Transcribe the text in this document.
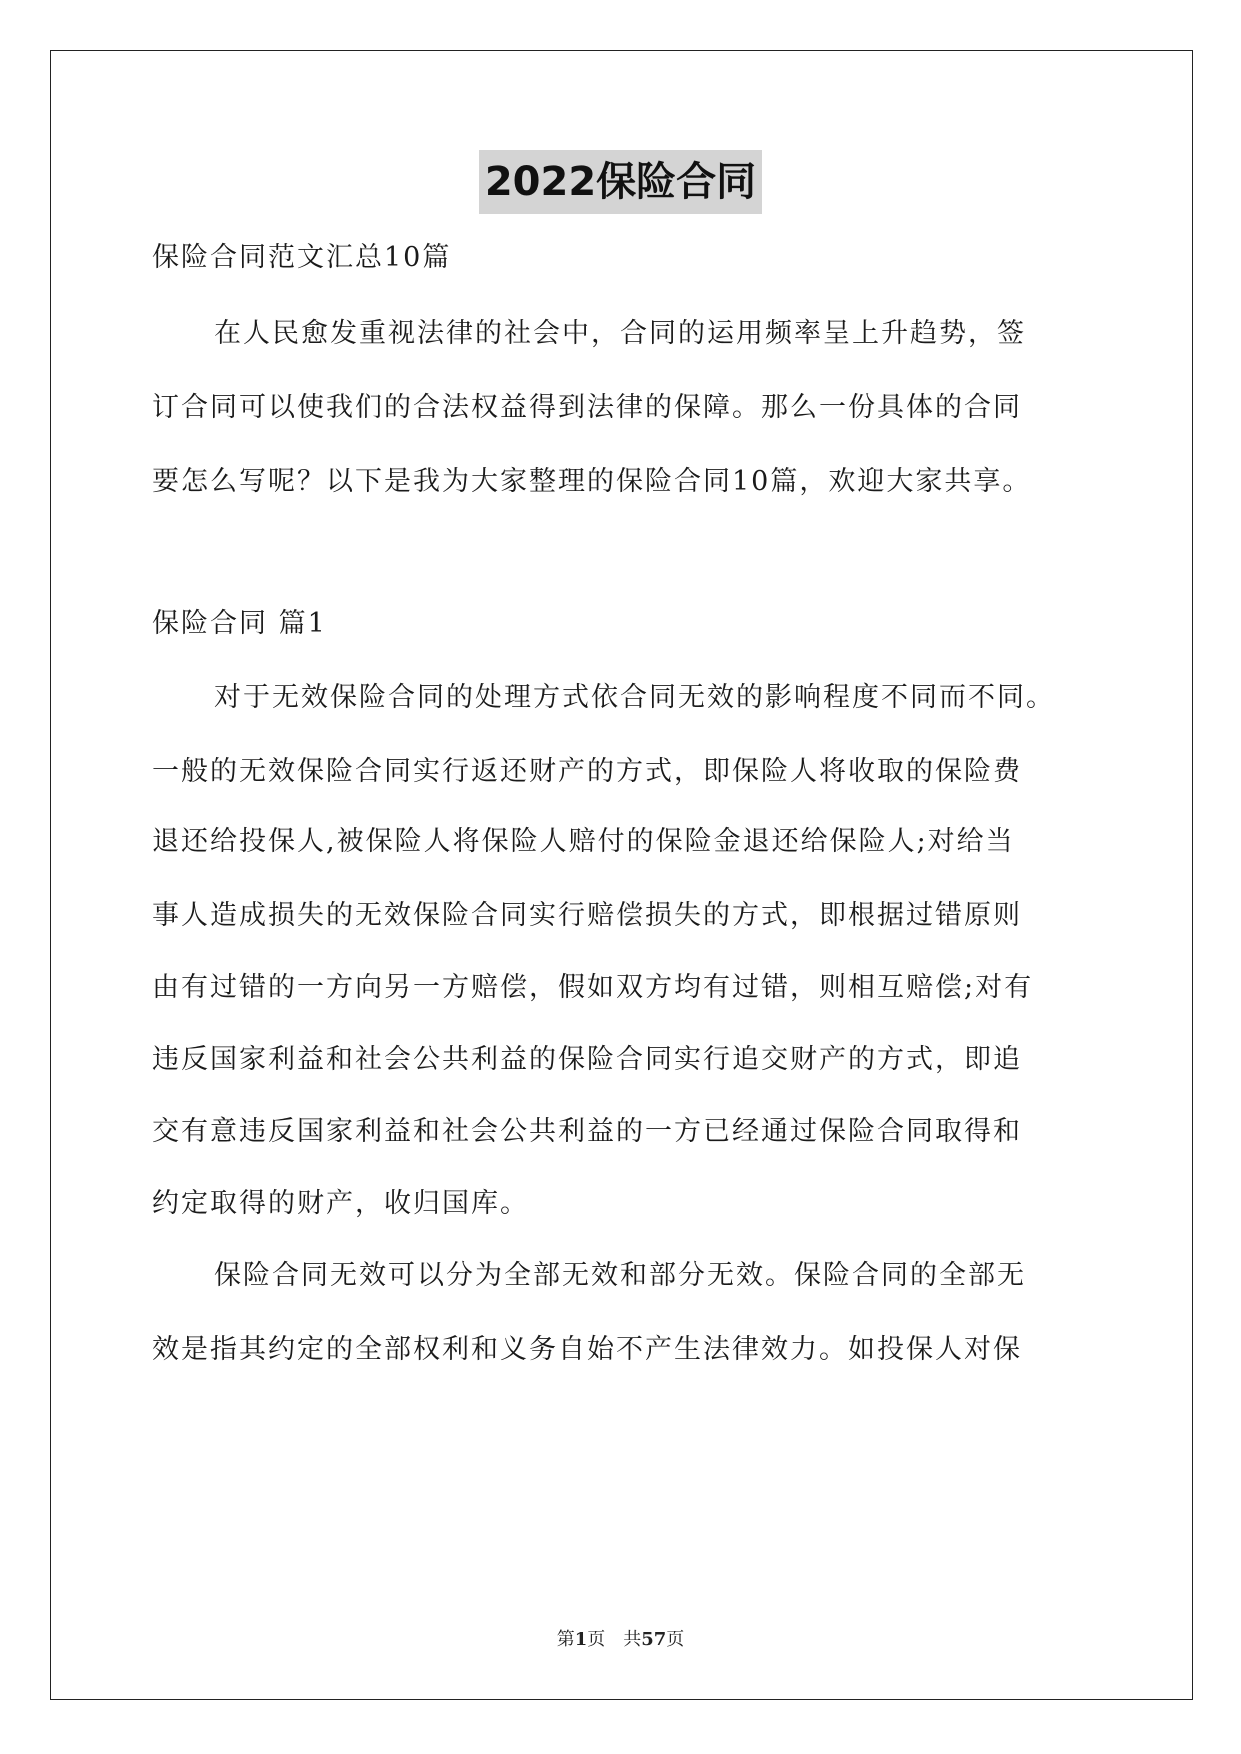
2022保险合同
保险合同范文汇总10篇
在人民愈发重视法律的社会中，合同的运用频率呈上升趋势，签
订合同可以使我们的合法权益得到法律的保障。那么一份具体的合同
要怎么写呢？以下是我为大家整理的保险合同10篇，欢迎大家共享。
保险合同 篇1
对于无效保险合同的处理方式依合同无效的影响程度不同而不同。
一般的无效保险合同实行返还财产的方式，即保险人将收取的保险费
退还给投保人,被保险人将保险人赔付的保险金退还给保险人;对给当
事人造成损失的无效保险合同实行赔偿损失的方式，即根据过错原则
由有过错的一方向另一方赔偿，假如双方均有过错，则相互赔偿;对有
违反国家利益和社会公共利益的保险合同实行追交财产的方式，即追
交有意违反国家利益和社会公共利益的一方已经通过保险合同取得和
约定取得的财产，收归国库。
保险合同无效可以分为全部无效和部分无效。保险合同的全部无
效是指其约定的全部权利和义务自始不产生法律效力。如投保人对保
第1页　共57页
